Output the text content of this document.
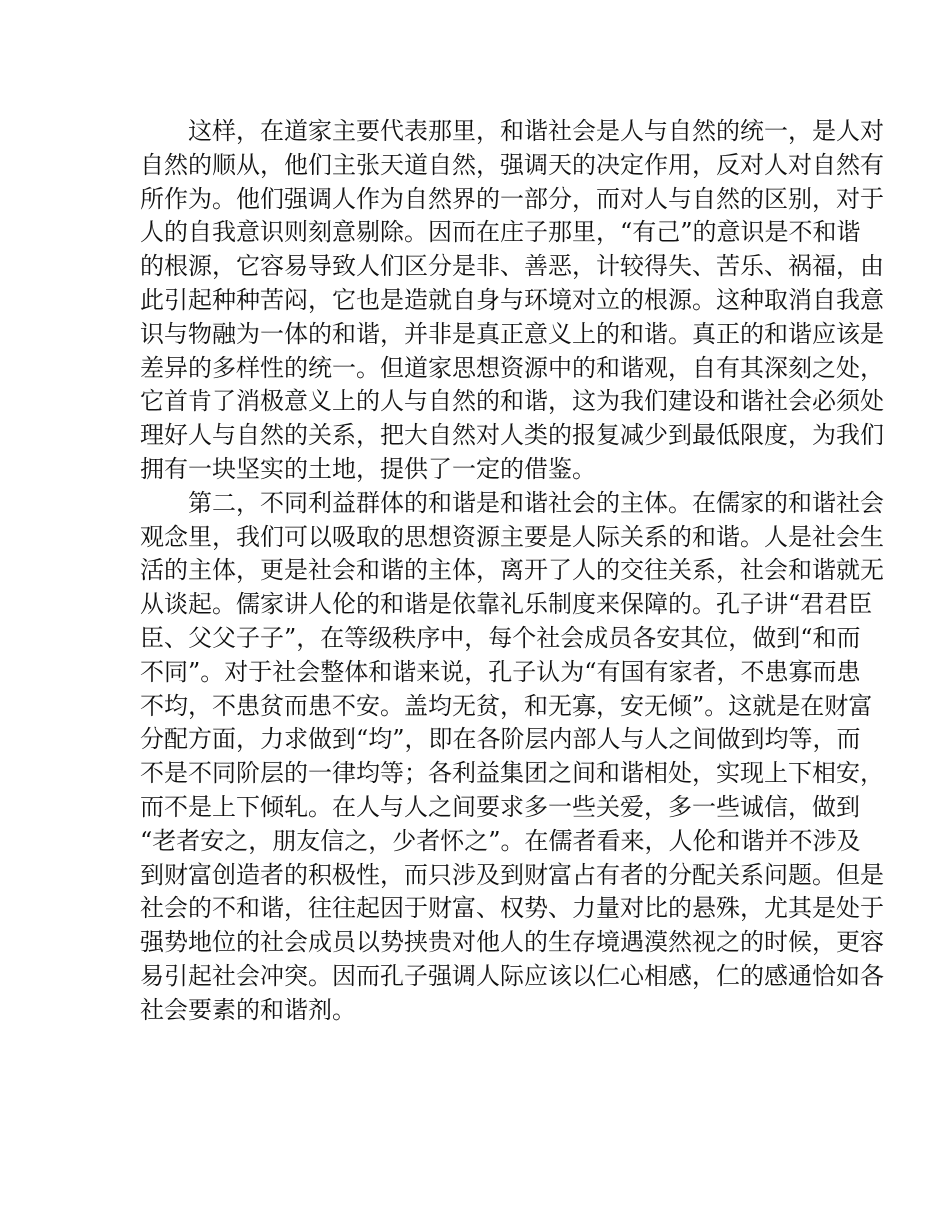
这样，在道家主要代表那里，和谐社会是人与自然的统一，是人对
自然的顺从，他们主张天道自然，强调天的决定作用，反对人对自然有
所作为。他们强调人作为自然界的一部分，而对人与自然的区别，对于
人的自我意识则刻意剔除。因而在庄子那里，“有己”的意识是不和谐
的根源，它容易导致人们区分是非、善恶，计较得失、苦乐、祸福，由
此引起种种苦闷，它也是造就自身与环境对立的根源。这种取消自我意
识与物融为一体的和谐，并非是真正意义上的和谐。真正的和谐应该是
差异的多样性的统一。但道家思想资源中的和谐观，自有其深刻之处，
它首肯了消极意义上的人与自然的和谐，这为我们建设和谐社会必须处
理好人与自然的关系，把大自然对人类的报复减少到最低限度，为我们
拥有一块坚实的土地，提供了一定的借鉴。
第二，不同利益群体的和谐是和谐社会的主体。在儒家的和谐社会
观念里，我们可以吸取的思想资源主要是人际关系的和谐。人是社会生
活的主体，更是社会和谐的主体，离开了人的交往关系，社会和谐就无
从谈起。儒家讲人伦的和谐是依靠礼乐制度来保障的。孔子讲“君君臣
臣、父父子子”，在等级秩序中，每个社会成员各安其位，做到“和而
不同”。对于社会整体和谐来说，孔子认为“有国有家者，不患寡而患
不均，不患贫而患不安。盖均无贫，和无寡，安无倾”。这就是在财富
分配方面，力求做到“均”，即在各阶层内部人与人之间做到均等，而
不是不同阶层的一律均等；各利益集团之间和谐相处，实现上下相安，
而不是上下倾轧。在人与人之间要求多一些关爱，多一些诚信，做到
“老者安之，朋友信之，少者怀之”。在儒者看来，人伦和谐并不涉及
到财富创造者的积极性，而只涉及到财富占有者的分配关系问题。但是
社会的不和谐，往往起因于财富、权势、力量对比的悬殊，尤其是处于
强势地位的社会成员以势挟贵对他人的生存境遇漠然视之的时候，更容
易引起社会冲突。因而孔子强调人际应该以仁心相感，仁的感通恰如各
社会要素的和谐剂。
